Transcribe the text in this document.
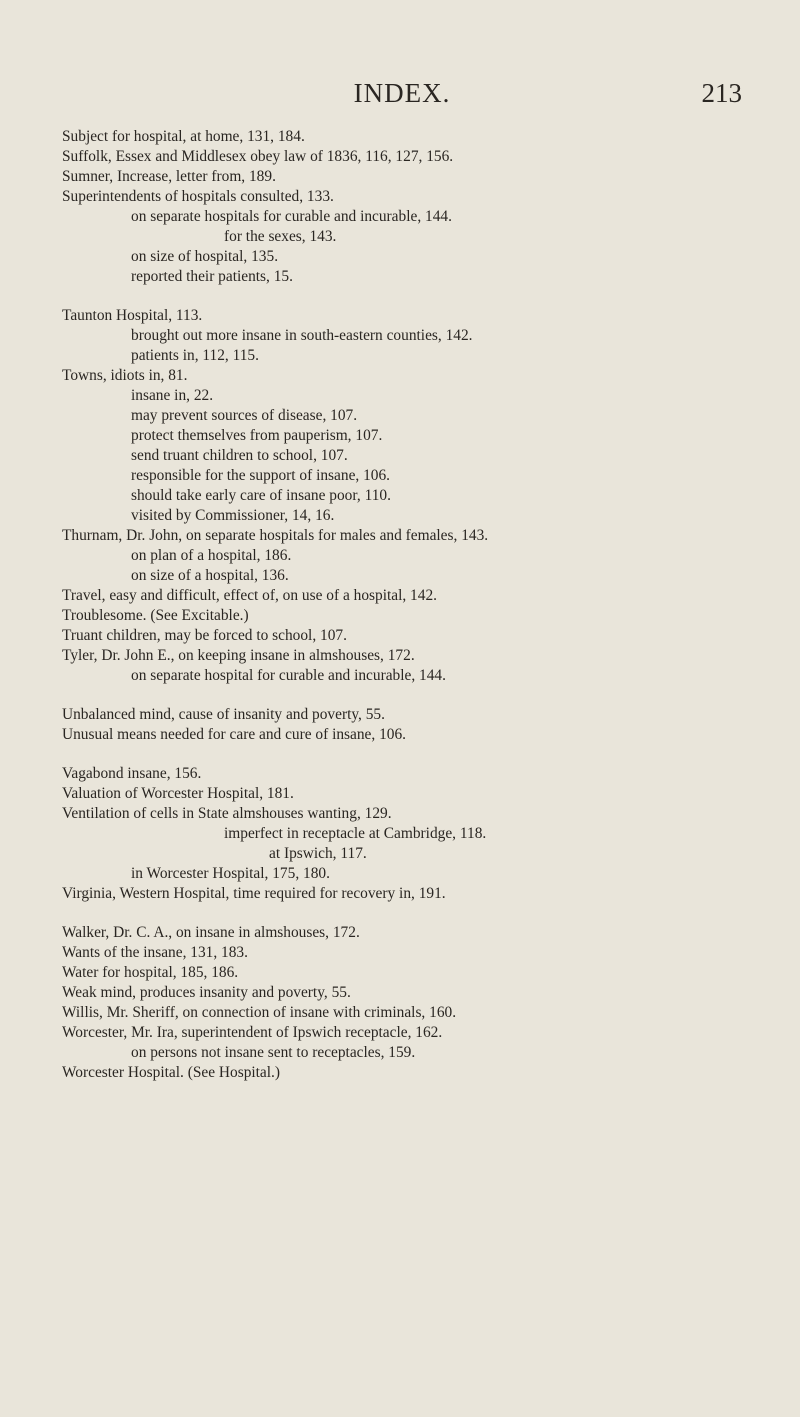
INDEX.	213
Subject for hospital, at home, 131, 184.
Suffolk, Essex and Middlesex obey law of 1836, 116, 127, 156.
Sumner, Increase, letter from, 189.
Superintendents of hospitals consulted, 133.
on separate hospitals for curable and incurable, 144.
for the sexes, 143.
on size of hospital, 135.
reported their patients, 15.
Taunton Hospital, 113.
brought out more insane in south-eastern counties, 142.
patients in, 112, 115.
Towns, idiots in, 81.
insane in, 22.
may prevent sources of disease, 107.
protect themselves from pauperism, 107.
send truant children to school, 107.
responsible for the support of insane, 106.
should take early care of insane poor, 110.
visited by Commissioner, 14, 16.
Thurnam, Dr. John, on separate hospitals for males and females, 143.
on plan of a hospital, 186.
on size of a hospital, 136.
Travel, easy and difficult, effect of, on use of a hospital, 142.
Troublesome. (See Excitable.)
Truant children, may be forced to school, 107.
Tyler, Dr. John E., on keeping insane in almshouses, 172.
on separate hospital for curable and incurable, 144.
Unbalanced mind, cause of insanity and poverty, 55.
Unusual means needed for care and cure of insane, 106.
Vagabond insane, 156.
Valuation of Worcester Hospital, 181.
Ventilation of cells in State almshouses wanting, 129.
imperfect in receptacle at Cambridge, 118.
at Ipswich, 117.
in Worcester Hospital, 175, 180.
Virginia, Western Hospital, time required for recovery in, 191.
Walker, Dr. C. A., on insane in almshouses, 172.
Wants of the insane, 131, 183.
Water for hospital, 185, 186.
Weak mind, produces insanity and poverty, 55.
Willis, Mr. Sheriff, on connection of insane with criminals, 160.
Worcester, Mr. Ira, superintendent of Ipswich receptacle, 162.
on persons not insane sent to receptacles, 159.
Worcester Hospital. (See Hospital.)
